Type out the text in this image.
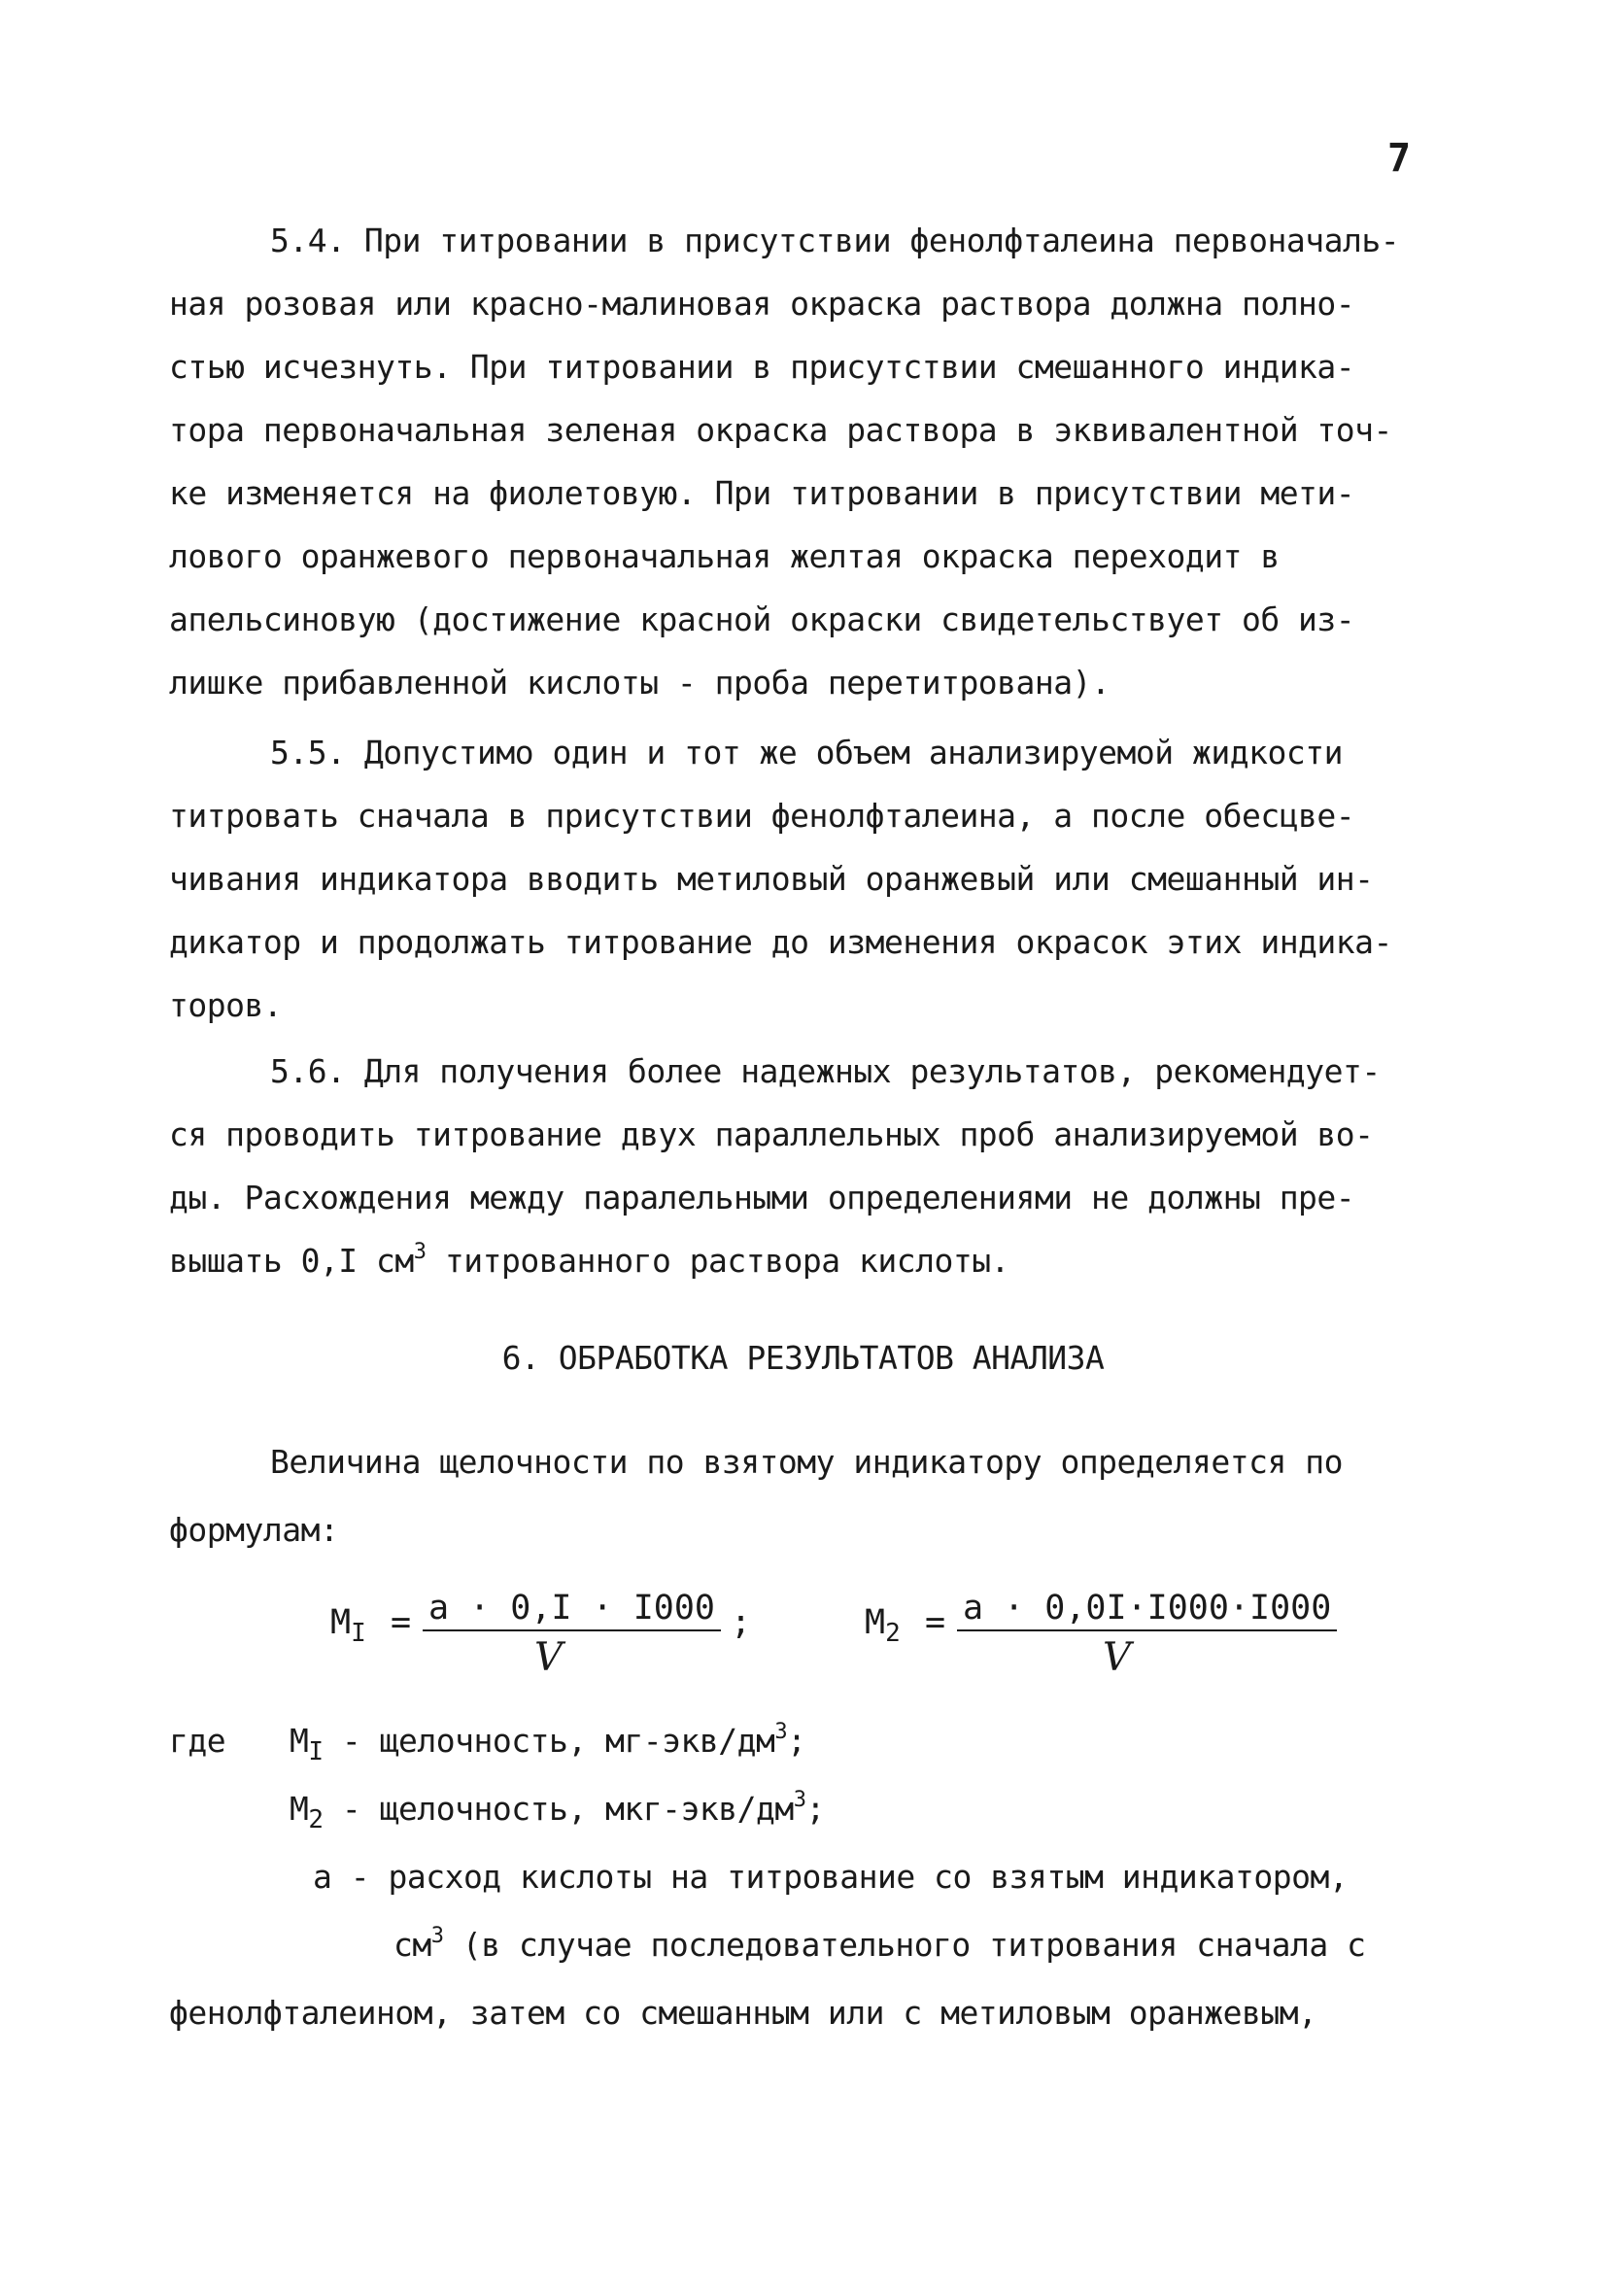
7
5.4. При титровании в присутствии фенолфталеина первоначаль-
ная розовая или красно-малиновая окраска раствора должна полно-
стью исчезнуть. При титровании в присутствии смешанного индика-
тора первоначальная зеленая окраска раствора в эквивалентной точ-
ке изменяется на фиолетовую. При титровании в присутствии мети-
лового оранжевого первоначальная желтая окраска переходит в
апельсиновую (достижение красной окраски свидетельствует об из-
лишке прибавленной кислоты - проба перетитрована).
5.5. Допустимо один и тот же объем анализируемой жидкости
титровать сначала в присутствии фенолфталеина, а после обесцве-
чивания индикатора вводить метиловый оранжевый или смешанный ин-
дикатор и продолжать титрование до изменения окрасок этих индика-
торов.
5.6. Для получения более надежных результатов, рекомендует-
ся проводить титрование двух параллельных проб анализируемой во-
ды. Расхождения между паралельными определениями не должны пре-
вышать 0,I $см^3$ титрованного раствора кислоты.
6. ОБРАБОТКА РЕЗУЛЬТАТОВ АНАЛИЗА
Величина щелочности по взятому индикатору определяется по
формулам:
$M_I = a \cdot 0,I \cdot I000$
V
;	$M_2 = a \cdot 0,0I\cdot I000\cdot I000$
V
где $M_I$ - щелочность, $мг-экв/дм^3$;
$M_2$ - щелочность, мкг-$экв/дм^3$;
а - расход кислоты на титрование со взятым индикатором,
$см^3$ (в случае последовательного титрования сначала с
фенолфталеином, затем со смешанным или с метиловым оранжевым,
